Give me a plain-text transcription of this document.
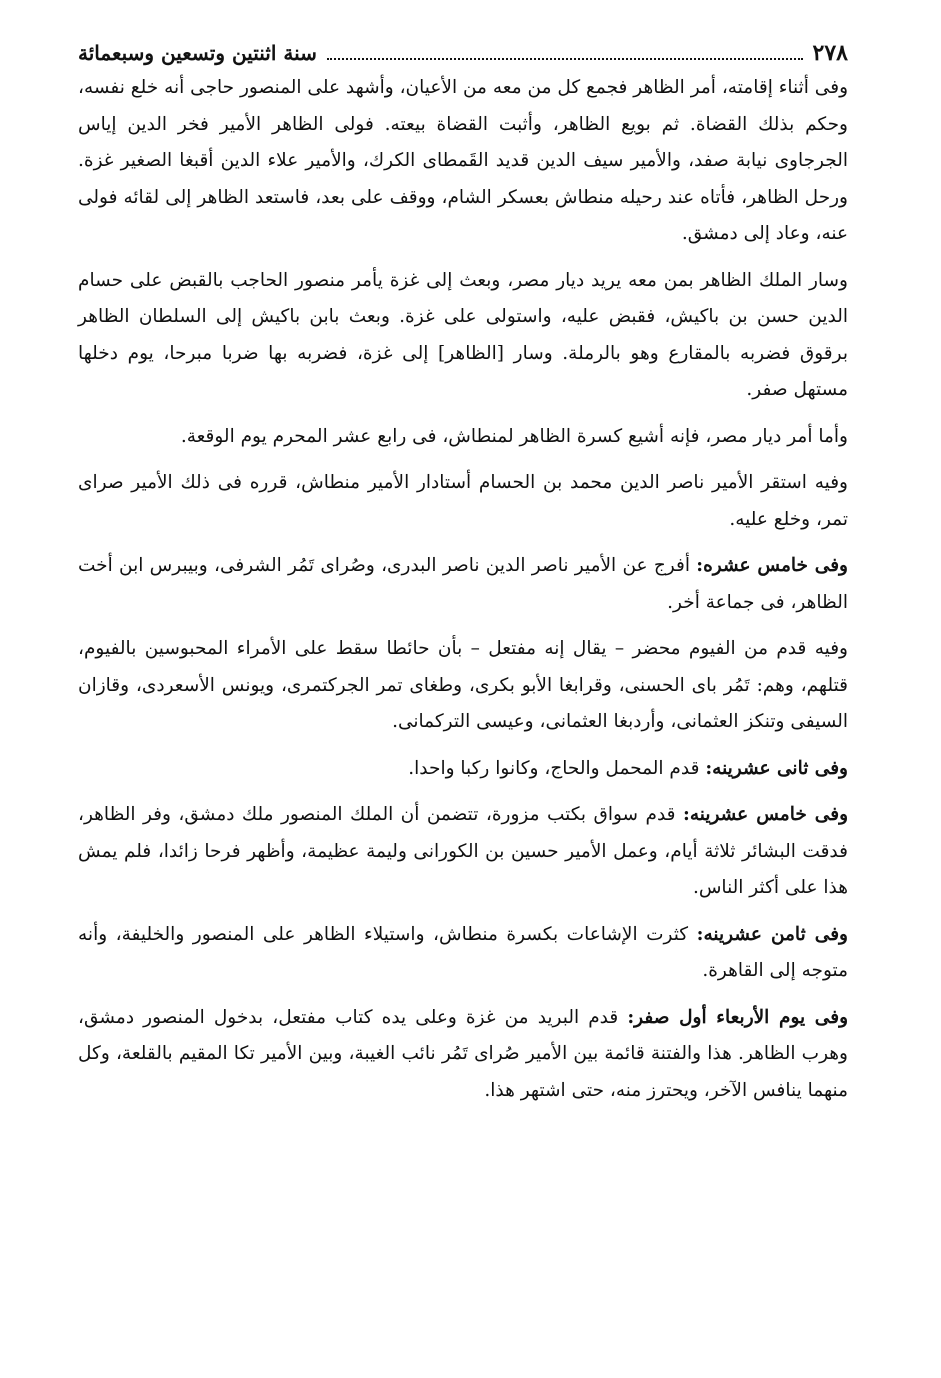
٢٧٨
سنة اثنتين وتسعين وسبعمائة

وفى أثناء إقامته، أمر الظاهر فجمع كل من معه من الأعيان، وأشهد على المنصور حاجى أنه خلع نفسه، وحكم بذلك القضاة. ثم بويع الظاهر، وأثبت القضاة بيعته. فولى الظاهر الأمير فخر الدين إياس الجرجاوى نيابة صفد، والأمير سيف الدين قديد القَمطاى الكرك، والأمير علاء الدين أقبغا الصغير غزة. ورحل الظاهر، فأتاه عند رحيله منطاش بعسكر الشام، ووقف على بعد، فاستعد الظاهر إلى لقائه فولى عنه، وعاد إلى دمشق.

وسار الملك الظاهر بمن معه يريد ديار مصر، وبعث إلى غزة يأمر منصور الحاجب بالقبض على حسام الدين حسن بن باكيش، فقبض عليه، واستولى على غزة. وبعث بابن باكيش إلى السلطان الظاهر برقوق فضربه بالمقارع وهو بالرملة. وسار [الظاهر] إلى غزة، فضربه بها ضربا مبرحا، يوم دخلها مستهل صفر.

وأما أمر ديار مصر، فإنه أشيع كسرة الظاهر لمنطاش، فى رابع عشر المحرم يوم الوقعة.

وفيه استقر الأمير ناصر الدين محمد بن الحسام أستادار الأمير منطاش، قرره فى ذلك الأمير صراى تمر، وخلع عليه.

وفى خامس عشره: أفرج عن الأمير ناصر الدين ناصر البدرى، وصُراى تَمُر الشرفى، وبيبرس ابن أخت الظاهر، فى جماعة أخر.

وفيه قدم من الفيوم محضر – يقال إنه مفتعل – بأن حائطا سقط على الأمراء المحبوسين بالفيوم، قتلهم، وهم: تَمُر باى الحسنى، وقرابغا الأبو بكرى، وطغاى تمر الجركتمرى، ويونس الأسعردى، وقازان السيفى وتنكز العثمانى، وأردبغا العثمانى، وعيسى التركمانى.

وفى ثانى عشرينه: قدم المحمل والحاج، وكانوا ركبا واحدا.

وفى خامس عشرينه: قدم سواق بكتب مزورة، تتضمن أن الملك المنصور ملك دمشق، وفر الظاهر، فدقت البشائر ثلاثة أيام، وعمل الأمير حسين بن الكورانى وليمة عظيمة، وأظهر فرحا زائدا، فلم يمش هذا على أكثر الناس.

وفى ثامن عشرينه: كثرت الإشاعات بكسرة منطاش، واستيلاء الظاهر على المنصور والخليفة، وأنه متوجه إلى القاهرة.

وفى يوم الأربعاء أول صفر: قدم البريد من غزة وعلى يده كتاب مفتعل، بدخول المنصور دمشق، وهرب الظاهر. هذا والفتنة قائمة بين الأمير صُراى تَمُر نائب الغيبة، وبين الأمير تكا المقيم بالقلعة، وكل منهما ينافس الآخر، ويحترز منه، حتى اشتهر هذا.
